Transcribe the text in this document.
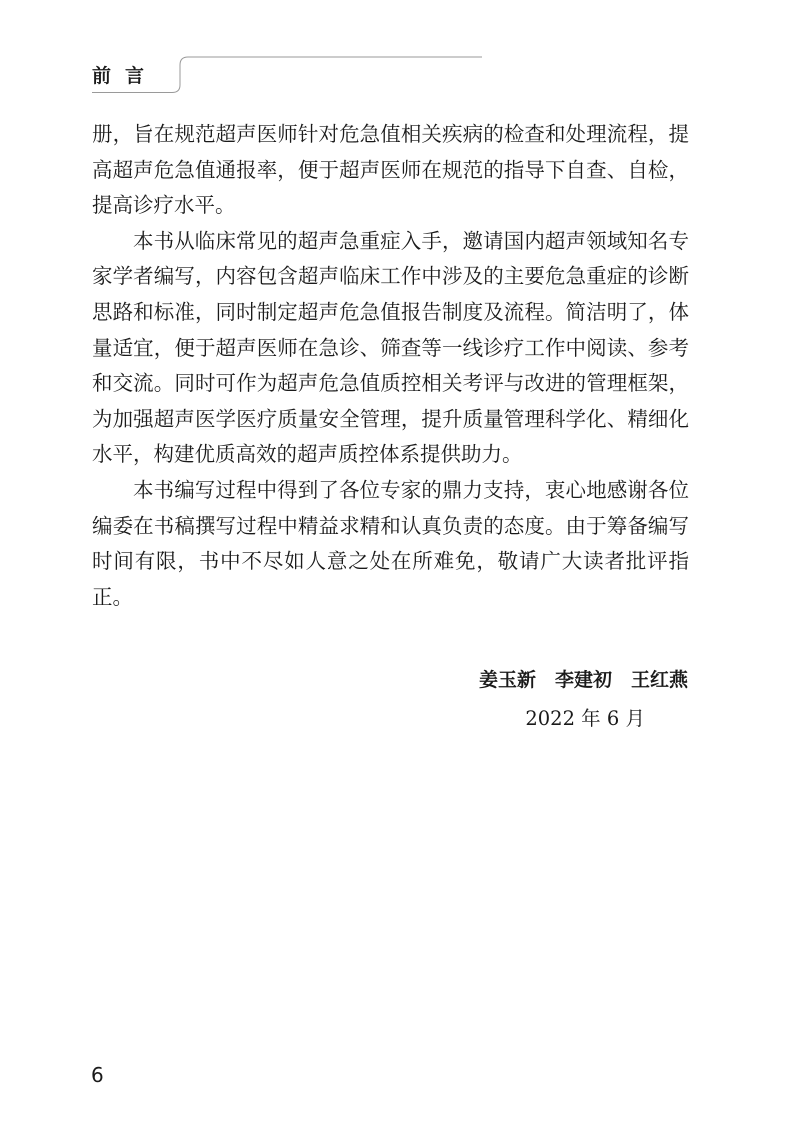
前言

册，旨在规范超声医师针对危急值相关疾病的检查和处理流程，提高超声危急值通报率，便于超声医师在规范的指导下自查、自检，提高诊疗水平。

本书从临床常见的超声急重症入手，邀请国内超声领域知名专家学者编写，内容包含超声临床工作中涉及的主要危急重症的诊断思路和标准，同时制定超声危急值报告制度及流程。简洁明了，体量适宜，便于超声医师在急诊、筛查等一线诊疗工作中阅读、参考和交流。同时可作为超声危急值质控相关考评与改进的管理框架，为加强超声医学医疗质量安全管理，提升质量管理科学化、精细化水平，构建优质高效的超声质控体系提供助力。

本书编写过程中得到了各位专家的鼎力支持，衷心地感谢各位编委在书稿撰写过程中精益求精和认真负责的态度。由于筹备编写时间有限，书中不尽如人意之处在所难免，敬请广大读者批评指正。

姜玉新　李建初　王红燕
2022 年 6 月
6
